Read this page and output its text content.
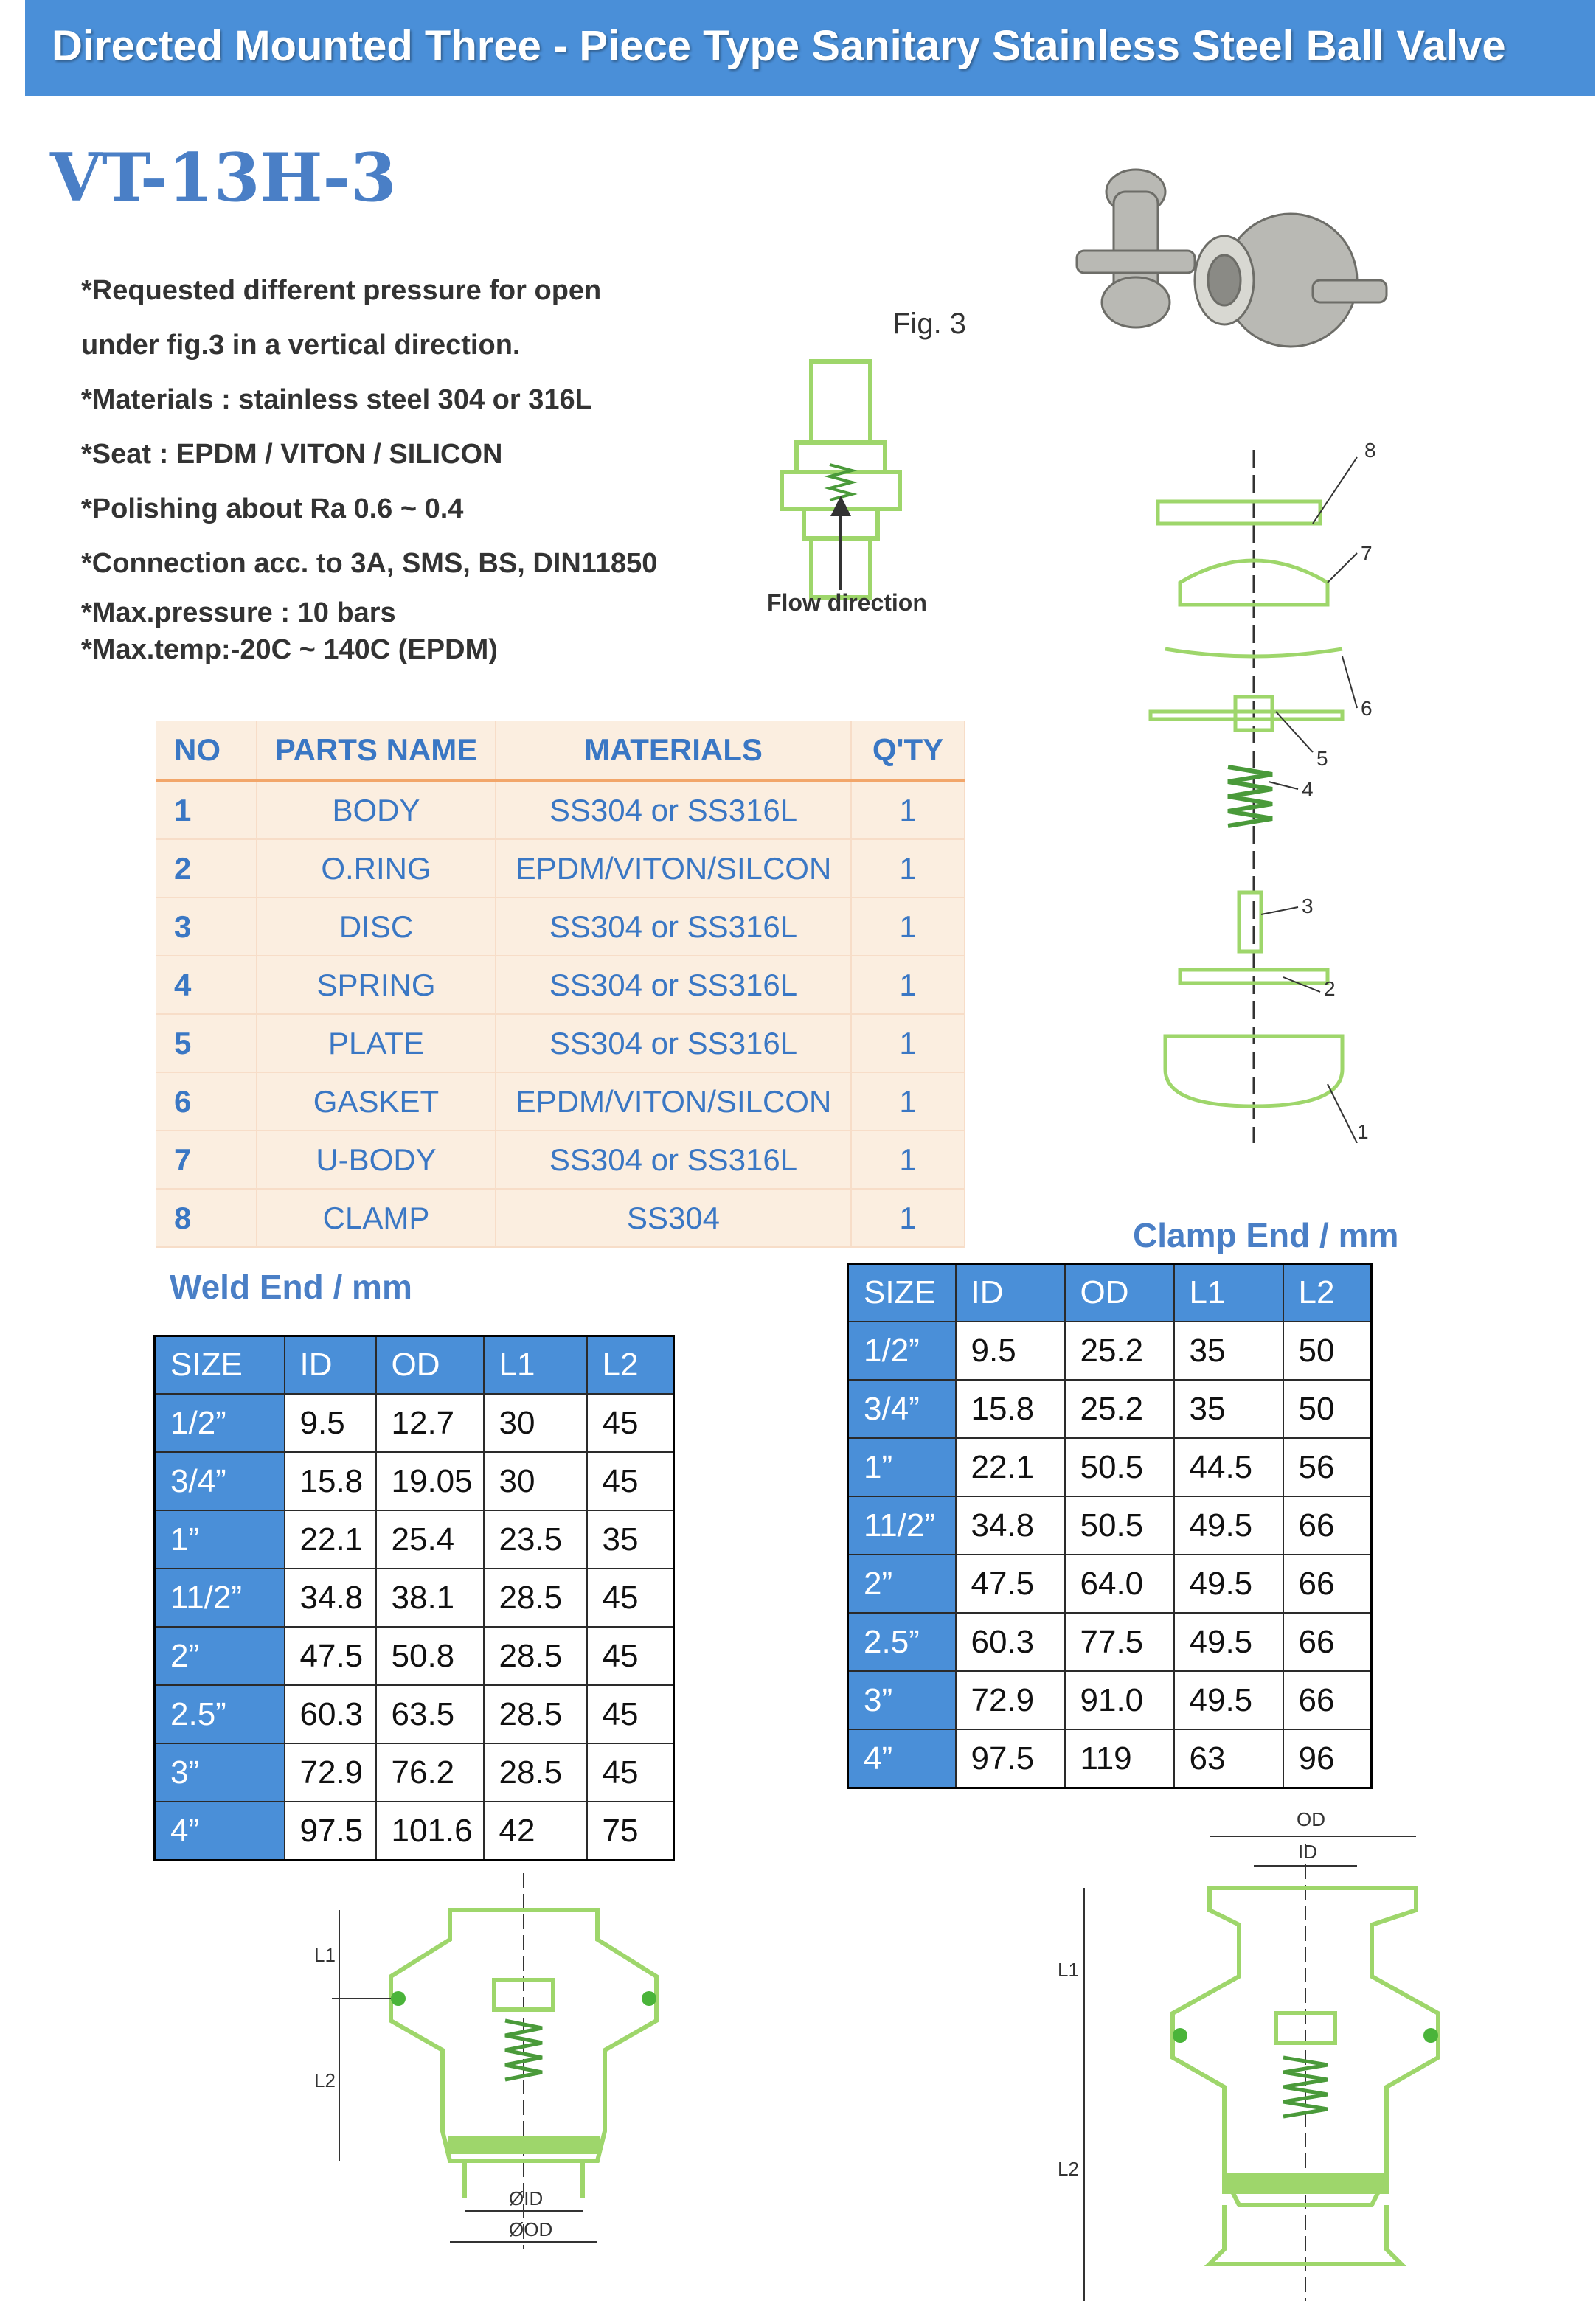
Directed Mounted Three - Piece Type Sanitary Stainless Steel Ball Valve
VT-13H-3
*Requested different pressure for open
under fig.3 in a vertical direction.
*Materials : stainless steel 304 or 316L
*Seat : EPDM / VITON / SILICON
*Polishing about Ra 0.6 ~ 0.4
*Connection acc. to 3A, SMS, BS, DIN11850
*Max.pressure : 10 bars
*Max.temp:-20C ~ 140C (EPDM)
Fig. 3
Flow direction
8
7
6
5
4
3
2
1
NO	PARTS NAME	MATERIALS	Q'TY
1	BODY	SS304 or SS316L	1
2	O.RING	EPDM/VITON/SILCON	1
3	DISC	SS304 or SS316L	1
4	SPRING	SS304 or SS316L	1
5	PLATE	SS304 or SS316L	1
6	GASKET	EPDM/VITON/SILCON	1
7	U-BODY	SS304 or SS316L	1
8	CLAMP	SS304	1
Weld End / mm
SIZE	ID	OD	L1	L2
1/2”	9.5	12.7	30	45
3/4”	15.8	19.05	30	45
1”	22.1	25.4	23.5	35
11/2”	34.8	38.1	28.5	45
2”	47.5	50.8	28.5	45
2.5”	60.3	63.5	28.5	45
3”	72.9	76.2	28.5	45
4”	97.5	101.6	42	75
Clamp End / mm
SIZE	ID	OD	L1	L2
1/2”	9.5	25.2	35	50
3/4”	15.8	25.2	35	50
1”	22.1	50.5	44.5	56
11/2”	34.8	50.5	49.5	66
2”	47.5	64.0	49.5	66
2.5”	60.3	77.5	49.5	66
3”	72.9	91.0	49.5	66
4”	97.5	119	63	96
L1
L2
ØID
ØOD
OD
ID
L1
L2
